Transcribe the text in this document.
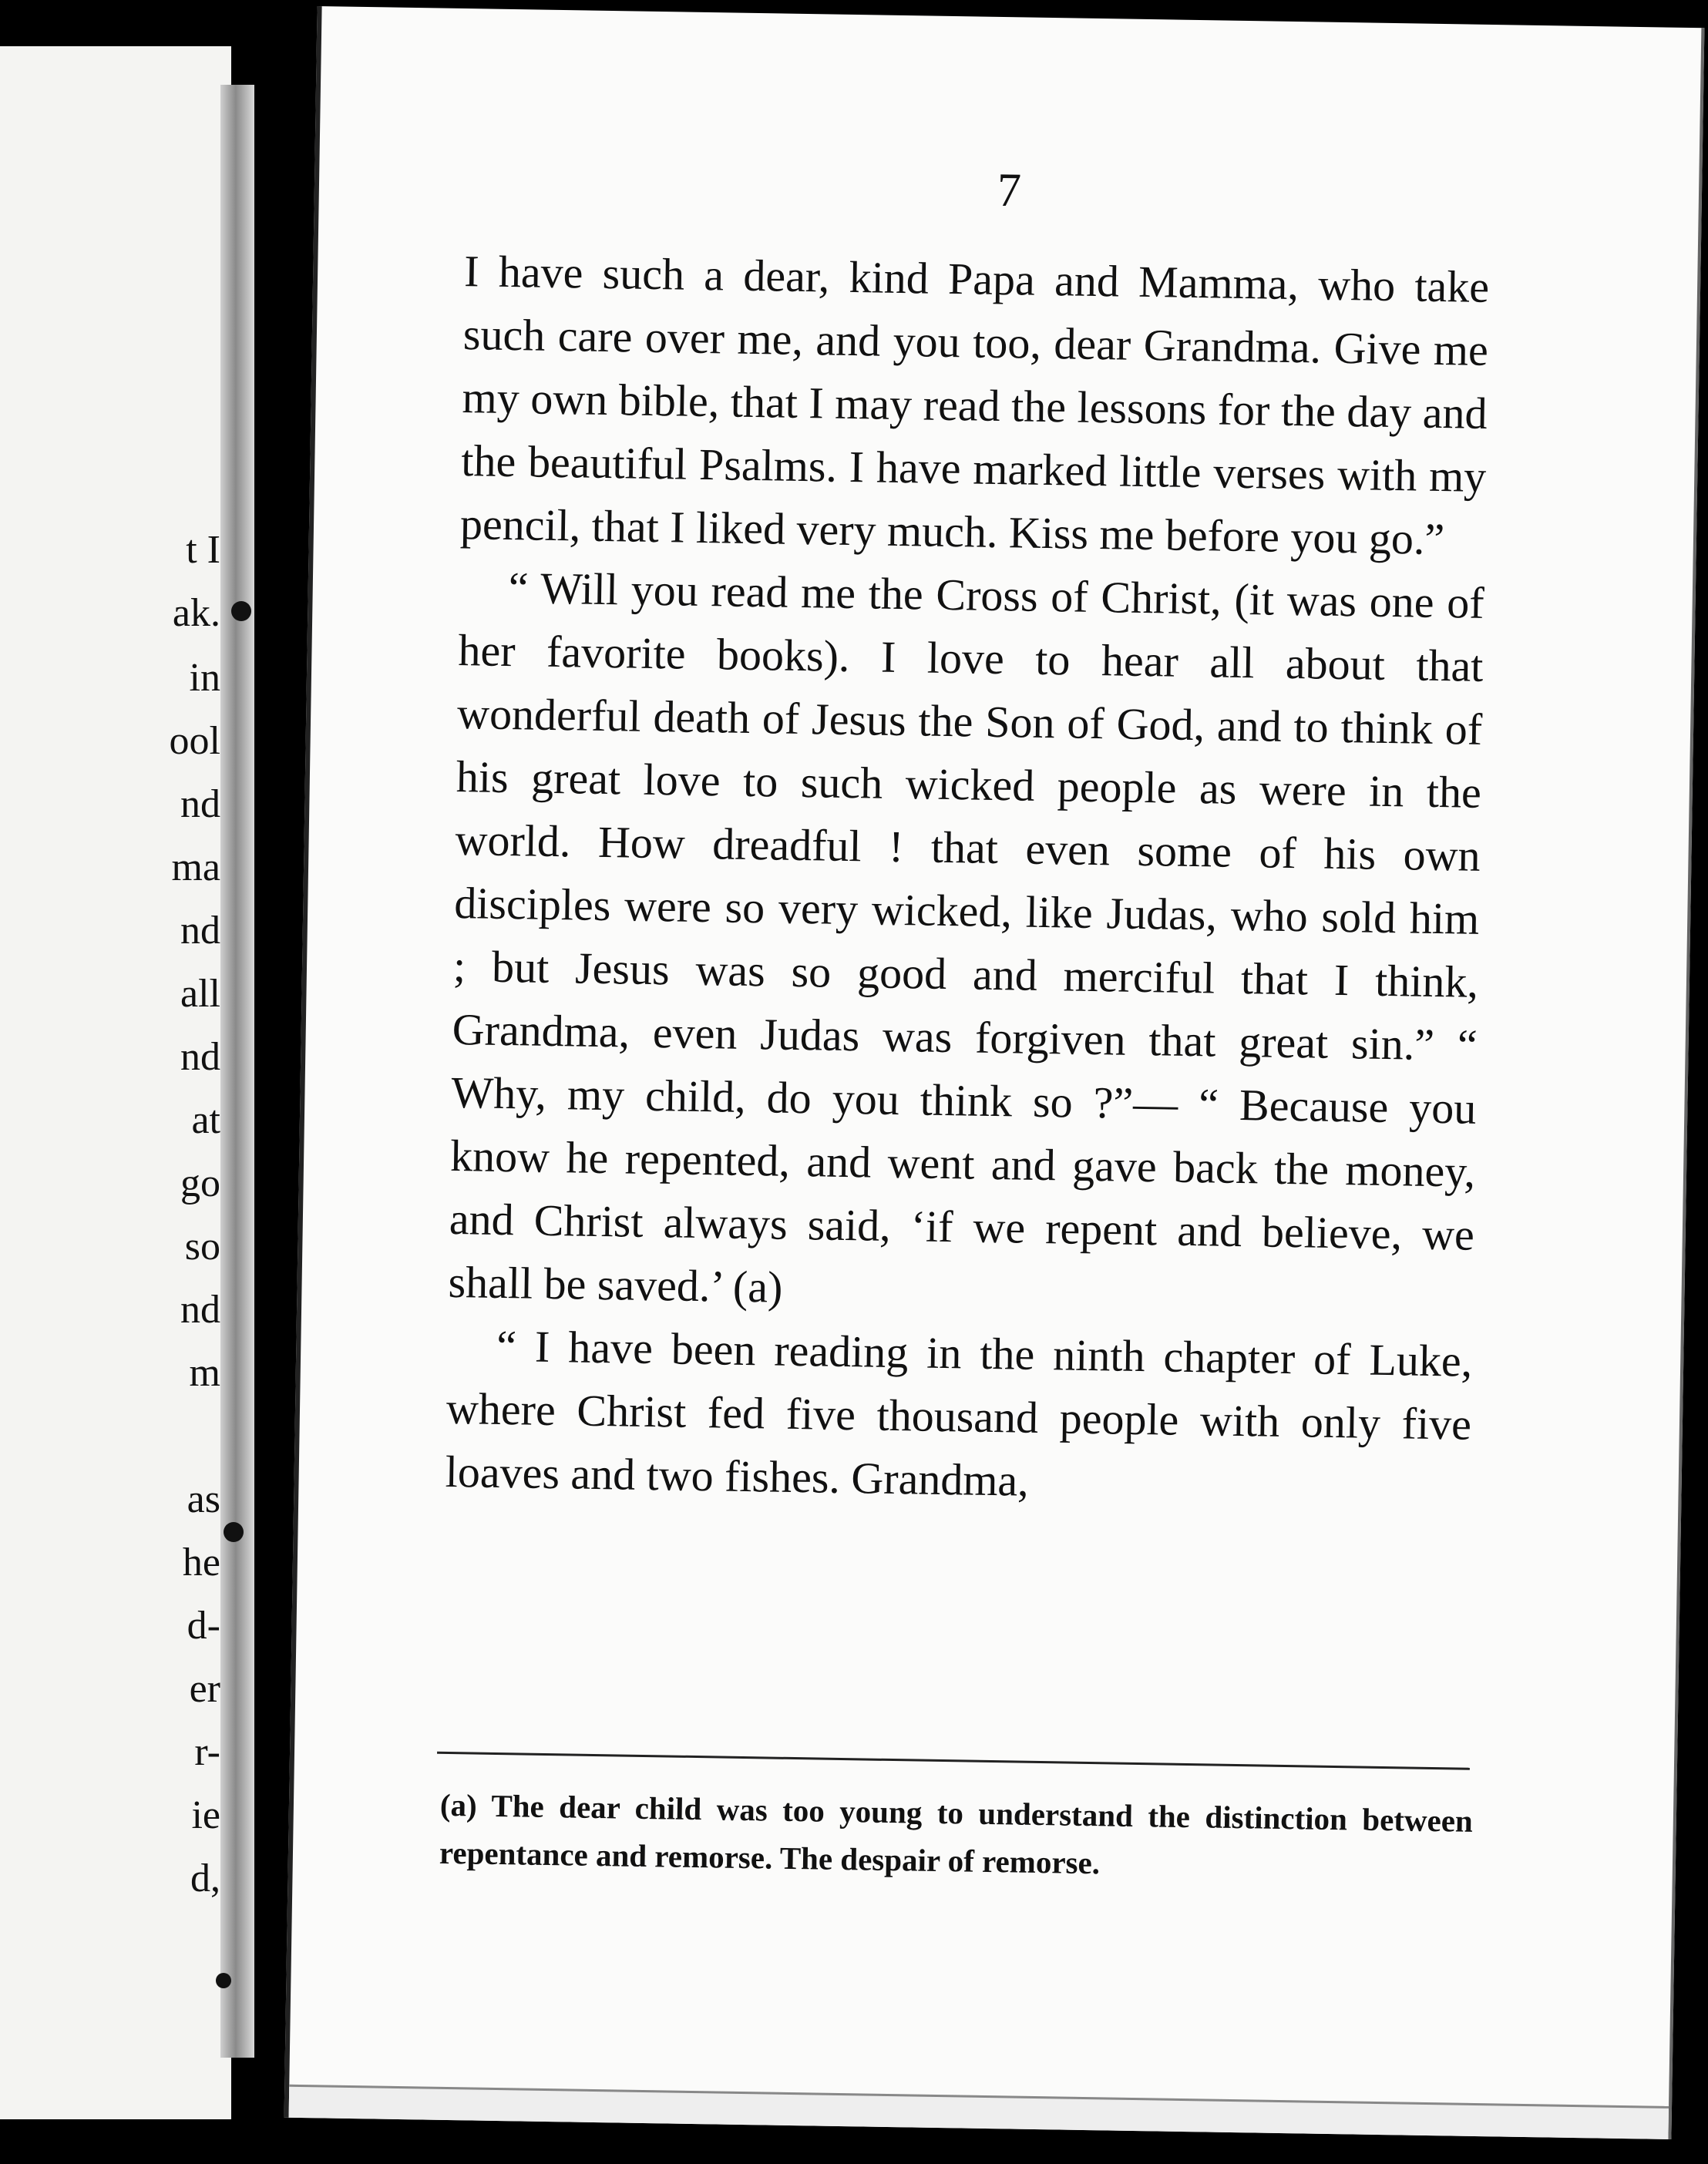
t I
ak.
in
ool
nd
ma
nd
all
nd
at
go
so
nd
m
as
he
d-
er
r-
ie
d,
7

I have such a dear, kind Papa and Mamma, who take such care over me, and you too, dear Grandma. Give me my own bible, that I may read the lessons for the day and the beautiful Psalms. I have marked little verses with my pencil, that I liked very much. Kiss me before you go.”

“ Will you read me the Cross of Christ, (it was one of her favorite books). I love to hear all about that wonderful death of Jesus the Son of God, and to think of his great love to such wicked people as were in the world. How dreadful ! that even some of his own disciples were so very wicked, like Judas, who sold him ; but Jesus was so good and merciful that I think, Grandma, even Judas was forgiven that great sin.” “ Why, my child, do you think so ?”— “ Because you know he repented, and went and gave back the money, and Christ always said, ‘if we repent and believe, we shall be saved.’ (a)

“ I have been reading in the ninth chapter of Luke, where Christ fed five thousand people with only five loaves and two fishes. Grandma,

(a) The dear child was too young to understand the distinction between repentance and remorse. The despair of remorse.
